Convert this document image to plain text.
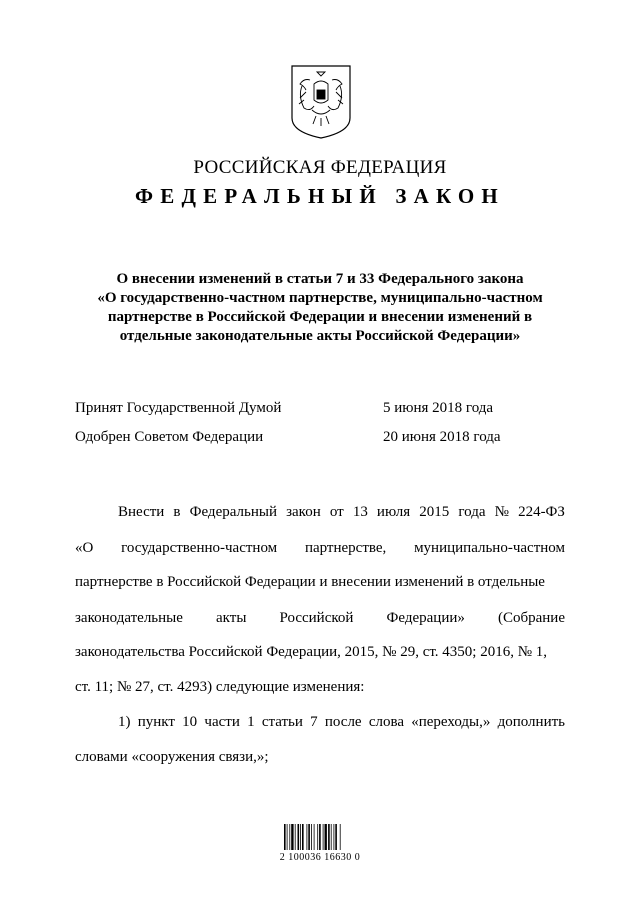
РОССИЙСКАЯ ФЕДЕРАЦИЯ
ФЕДЕРАЛЬНЫЙ ЗАКОН
О внесении изменений в статьи 7 и 33 Федерального закона
«О государственно-частном партнерстве, муниципально-частном
партнерстве в Российской Федерации и внесении изменений в
отдельные законодательные акты Российской Федерации»
Принят Государственной Думой	5 июня 2018 года
Одобрен Советом Федерации	20 июня 2018 года
Внести в Федеральный закон от 13 июля 2015 года № 224-ФЗ
«О государственно-частном партнерстве, муниципально-частном
партнерстве в Российской Федерации и внесении изменений в отдельные
законодательные акты Российской Федерации» (Собрание
законодательства Российской Федерации, 2015, № 29, ст. 4350; 2016, № 1,
ст. 11; № 27, ст. 4293) следующие изменения:
1) пункт 10 части 1 статьи 7 после слова «переходы,» дополнить
словами «сооружения связи,»;
2 100036 16630 0
